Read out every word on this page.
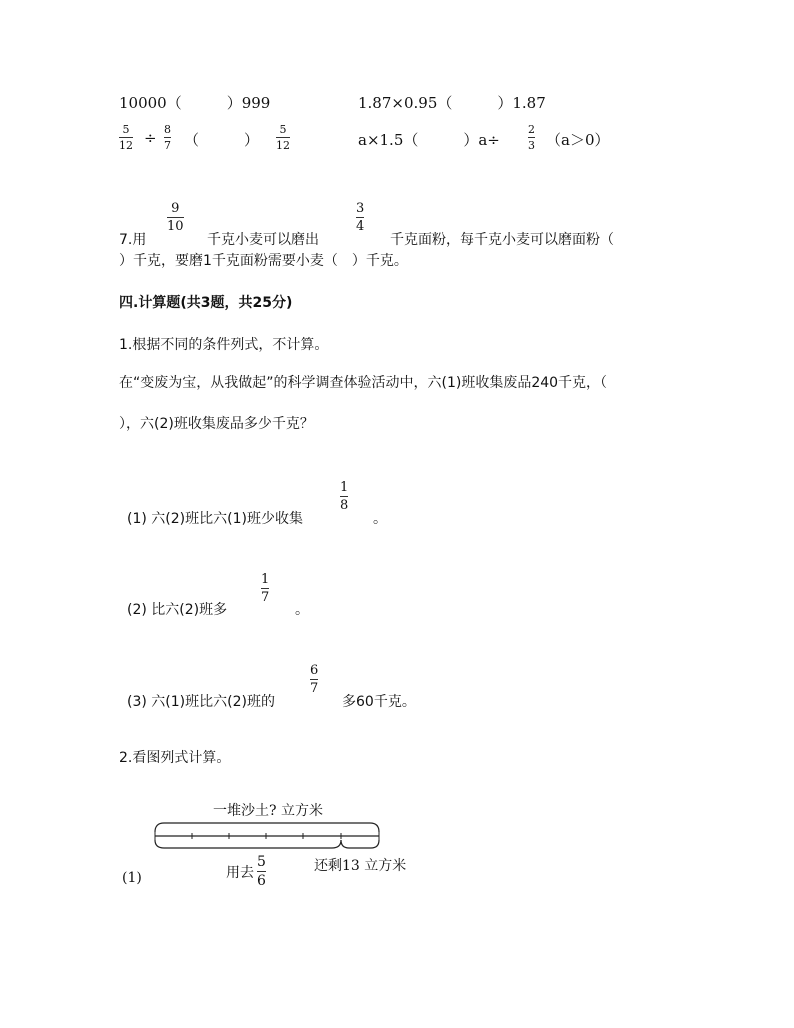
10000（　　　）999	1.87×0.95（　　　）1.87
5
12 ÷ 8
7 （　　　）
5
12	a×1.5（　　　）a÷
2
3 （a＞0）
7.用
9
10
千克小麦可以磨出
3
4
千克面粉，每千克小麦可以磨面粉（
）千克，要磨1千克面粉需要小麦（　）千克。
四.计算题(共3题，共25分)
1.根据不同的条件列式，不计算。
在“变废为宝，从我做起”的科学调查体验活动中，六(1)班收集废品240千克，（
），六(2)班收集废品多少千克？
(1) 六(2)班比六(1)班少收集
1
8
。
(2) 比六(2)班多
1
7
。
(3) 六(1)班比六(2)班的
6
7
多60千克。
2.看图列式计算。
一堆沙土? 立方米
用去
5
6
还剩13 立方米
(1)
